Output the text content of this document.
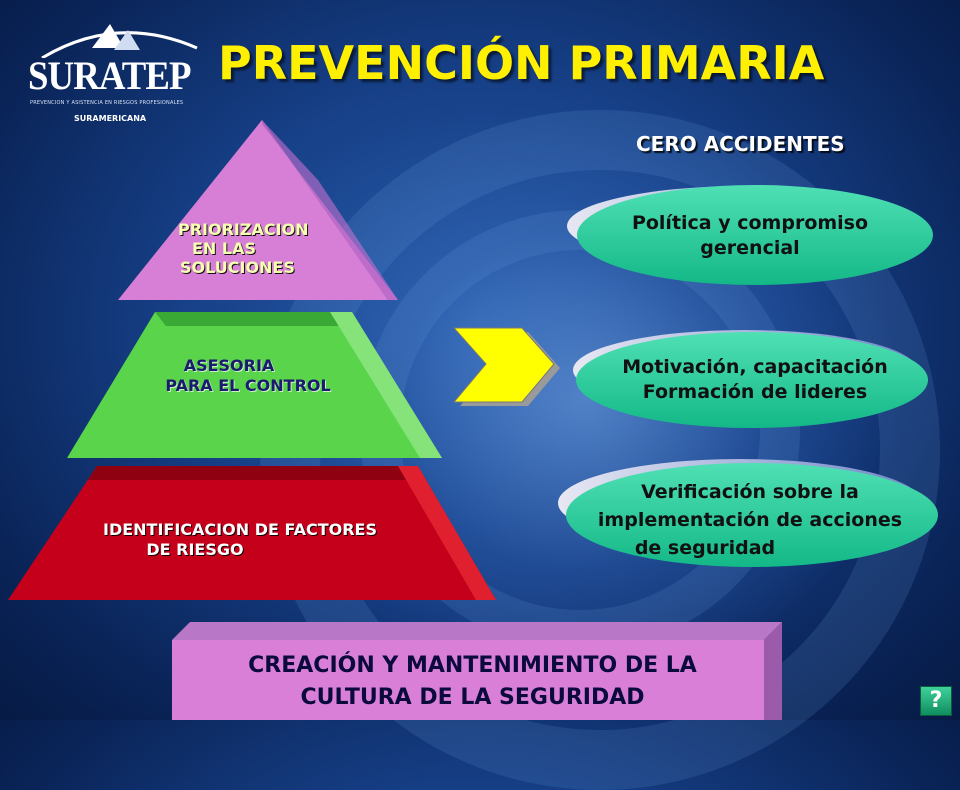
SURATEP
PREVENCION Y ASISTENCIA EN RIESGOS PROFESIONALES
SURAMERICANA
PREVENCIÓN PRIMARIA
CERO ACCIDENTES
PRIORIZACION
EN LAS
SOLUCIONES
ASESORIA
PARA EL CONTROL
IDENTIFICACION DE FACTORES
DE RIESGO
Política y compromiso
gerencial
Motivación, capacitación
Formación de lideres
Verificación sobre la
implementación de acciones
de seguridad
CREACIÓN Y MANTENIMIENTO DE LA
CULTURA DE LA SEGURIDAD	?
